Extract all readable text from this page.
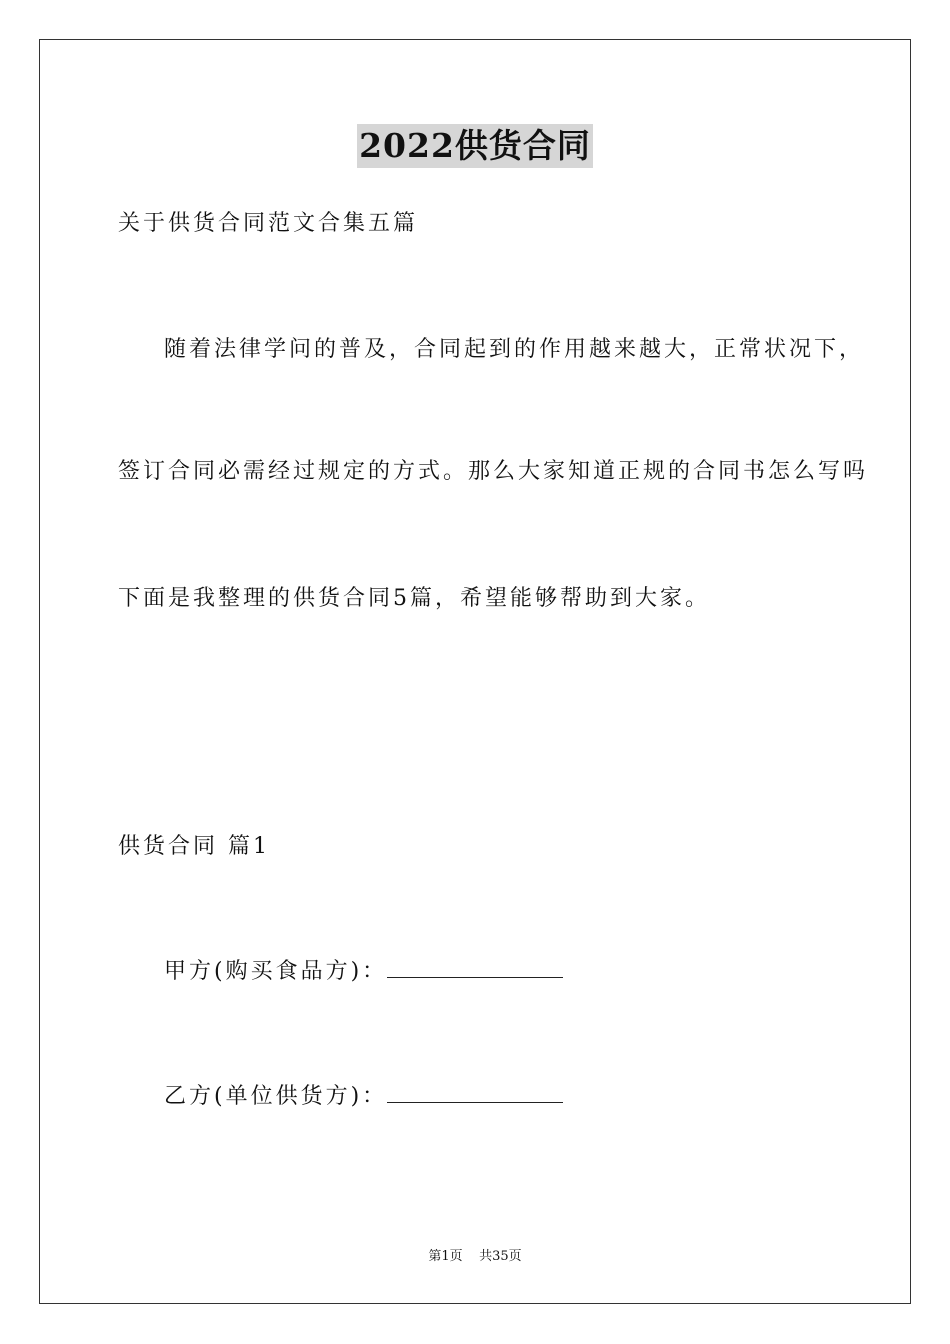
2022供货合同
关于供货合同范文合集五篇
随着法律学问的普及，合同起到的作用越来越大，正常状况下，
签订合同必需经过规定的方式。那么大家知道正规的合同书怎么写吗
下面是我整理的供货合同5篇，希望能够帮助到大家。
供货合同 篇1
甲方(购买食品方)：
乙方(单位供货方)：
第1页    共35页
